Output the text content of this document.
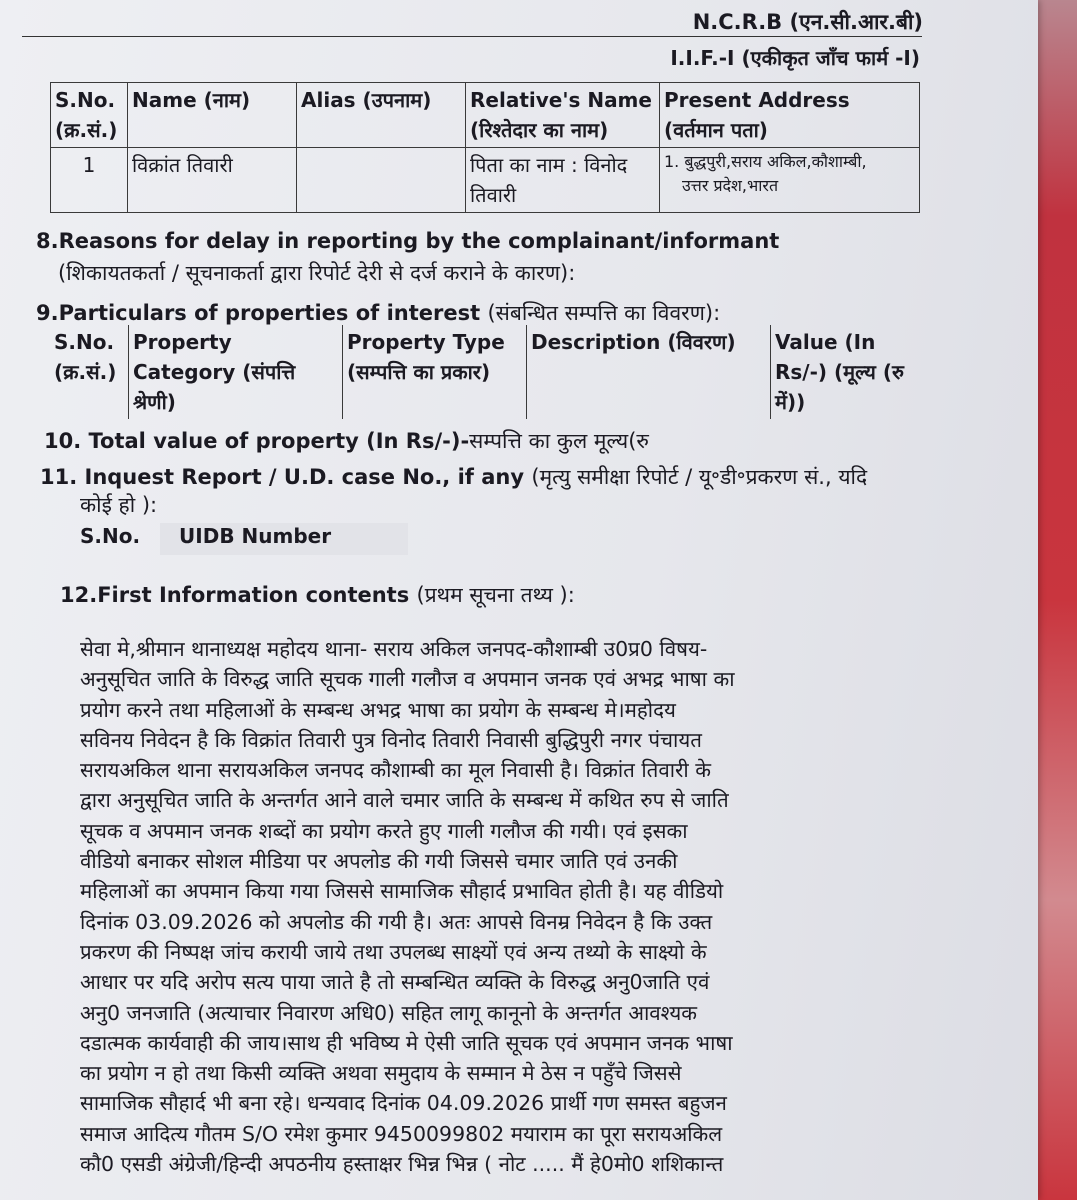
N.C.R.B (एन.सी.आर.बी)
I.I.F.-I (एकीकृत जाँच फार्म -I)
S.No. (क्र.सं.)	Name (नाम)	Alias (उपनाम)	Relative's Name (रिश्तेदार का नाम)	Present Address (वर्तमान पता)
1	विक्रांत तिवारी		पिता का नाम : विनोद तिवारी	1. बुद्धपुरी,सराय अकिल,कौशाम्बी,
उत्तर प्रदेश,भारत
8.Reasons for delay in reporting by the complainant/informant
(शिकायतकर्ता / सूचनाकर्ता द्वारा रिपोर्ट देरी से दर्ज कराने के कारण):
9.Particulars of properties of interest (संबन्धित सम्पत्ति का विवरण):
S.No. (क्र.सं.)	Property Category (संपत्ति श्रेणी)	Property Type (सम्पत्ति का प्रकार)	Description (विवरण)	Value (In Rs/-) (मूल्य (रु में))
10. Total value of property (In Rs/-)-सम्पत्ति का कुल मूल्य(रु
11. Inquest Report / U.D. case No., if any (मृत्यु समीक्षा रिपोर्ट / यू॰डी॰प्रकरण सं., यदि
कोई हो ):
S.No. UIDB Number
12.First Information contents (प्रथम सूचना तथ्य ):
सेवा मे,श्रीमान थानाध्यक्ष महोदय थाना- सराय अकिल जनपद-कौशाम्बी उ0प्र0 विषय-
अनुसूचित जाति के विरुद्ध जाति सूचक गाली गलौज व अपमान जनक एवं अभद्र भाषा का
प्रयोग करने तथा महिलाओं के सम्बन्ध अभद्र भाषा का प्रयोग के सम्बन्ध मे।महोदय
सविनय निवेदन है कि विक्रांत तिवारी पुत्र विनोद तिवारी निवासी बुद्धिपुरी नगर पंचायत
सरायअकिल थाना सरायअकिल जनपद कौशाम्बी का मूल निवासी है। विक्रांत तिवारी के
द्वारा अनुसूचित जाति के अन्तर्गत आने वाले चमार जाति के सम्बन्ध में कथित रुप से जाति
सूचक व अपमान जनक शब्दों का प्रयोग करते हुए गाली गलौज की गयी। एवं इसका
वीडियो बनाकर सोशल मीडिया पर अपलोड की गयी जिससे चमार जाति एवं उनकी
महिलाओं का अपमान किया गया जिससे सामाजिक सौहार्द प्रभावित होती है। यह वीडियो
दिनांक 03.09.2026 को अपलोड की गयी है। अतः आपसे विनम्र निवेदन है कि उक्त
प्रकरण की निष्पक्ष जांच करायी जाये तथा उपलब्ध साक्ष्यों एवं अन्य तथ्यो के साक्ष्यो के
आधार पर यदि अरोप सत्य पाया जाते है तो सम्बन्धित व्यक्ति के विरुद्ध अनु0जाति एवं
अनु0 जनजाति (अत्याचार निवारण अधि0) सहित लागू कानूनो के अन्तर्गत आवश्यक
दडात्मक कार्यवाही की जाय।साथ ही भविष्य मे ऐसी जाति सूचक एवं अपमान जनक भाषा
का प्रयोग न हो तथा किसी व्यक्ति अथवा समुदाय के सम्मान मे ठेस न पहुँचे जिससे
सामाजिक सौहार्द भी बना रहे। धन्यवाद दिनांक 04.09.2026 प्रार्थी गण समस्त बहुजन
समाज आदित्य गौतम S/O रमेश कुमार 9450099802 मयाराम का पूरा सरायअकिल
कौ0 एसडी अंग्रेजी/हिन्दी अपठनीय हस्ताक्षर भिन्न भिन्न ( नोट ..... मैं हे0मो0 शशिकान्त
